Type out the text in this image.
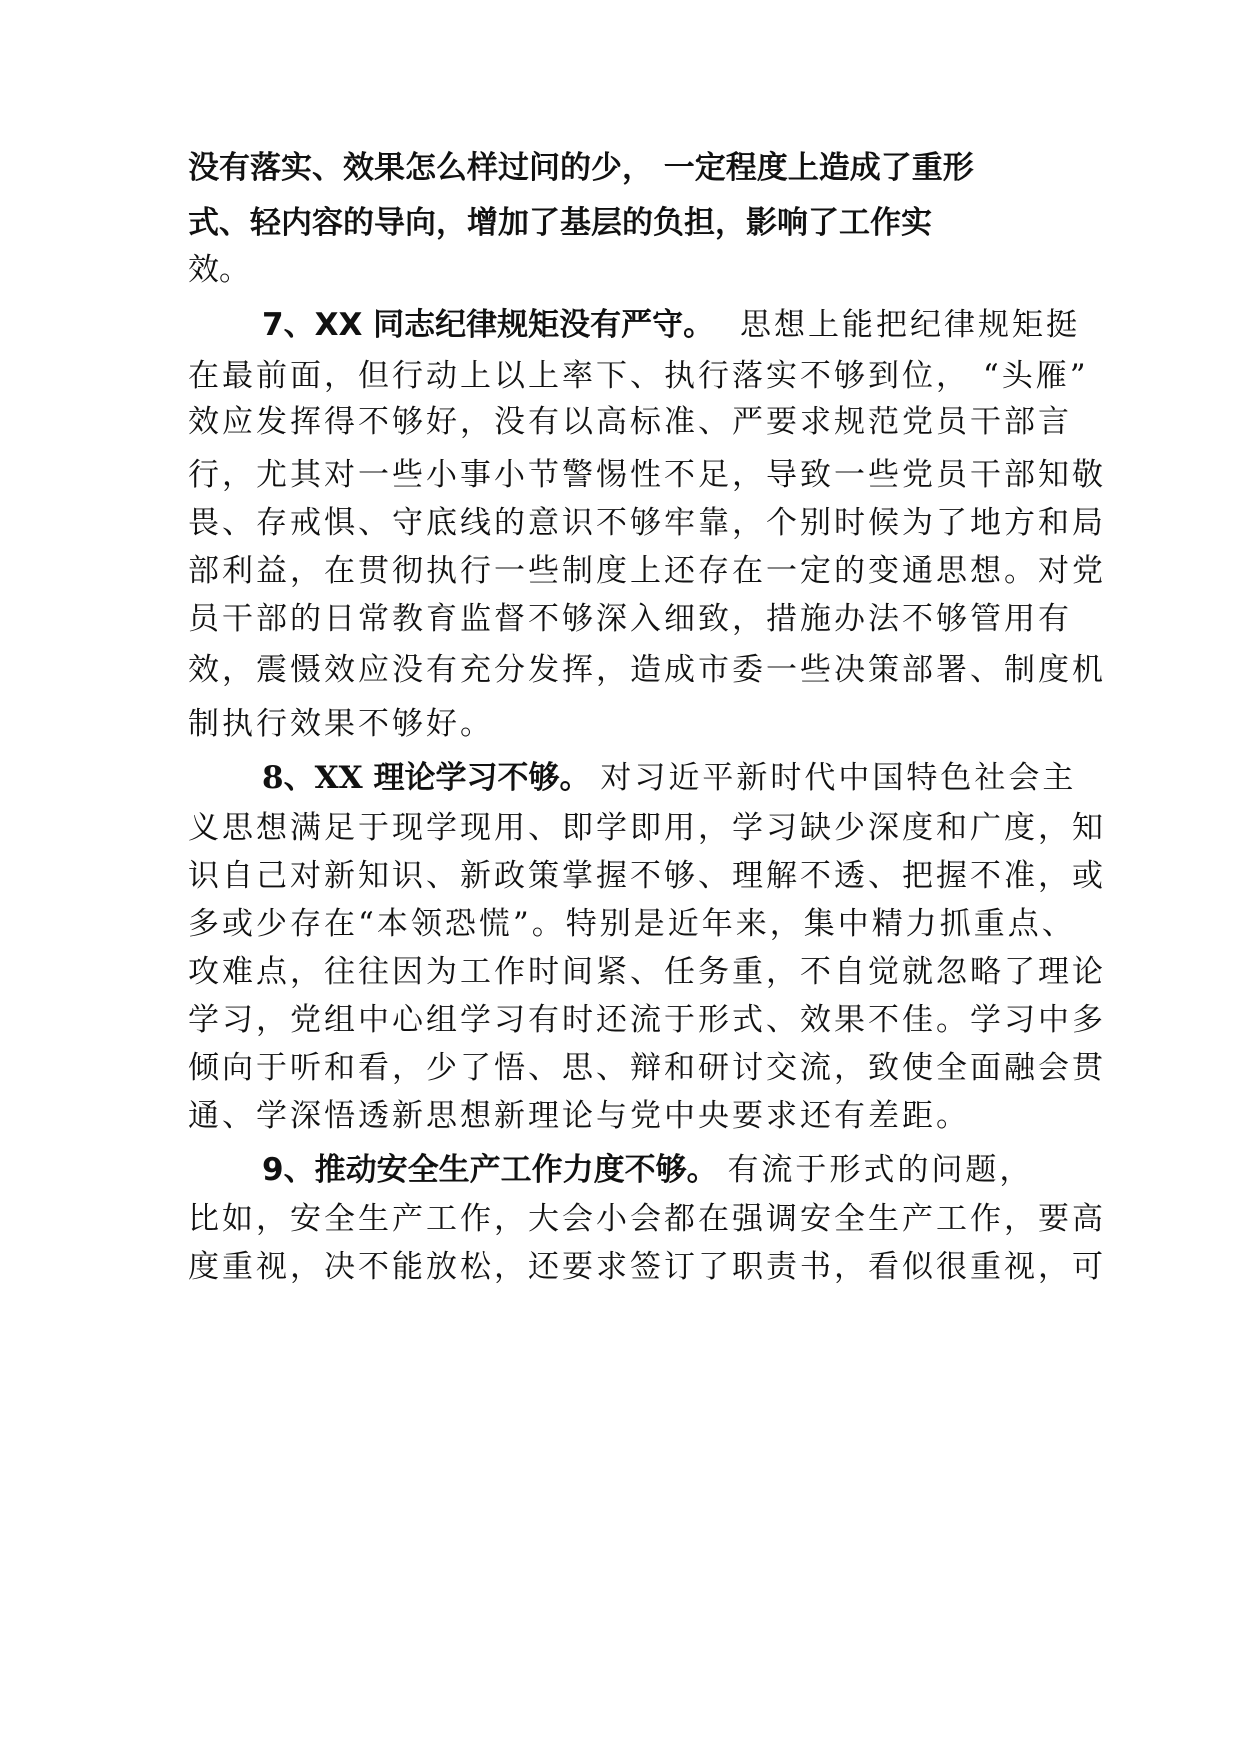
没有落实、效果怎么样过问的少， 一定程度上造成了重形
式、轻内容的导向，增加了基层的负担，影响了工作实
效。
7、XX 同志纪律规矩没有严守。 思想上能把纪律规矩挺
在最前面，但行动上以上率下、执行落实不够到位， “头雁”
效应发挥得不够好，没有以高标准、严要求规范党员干部言
行，尤其对一些小事小节警惕性不足，导致一些党员干部知敬
畏、存戒惧、守底线的意识不够牢靠，个别时候为了地方和局
部利益，在贯彻执行一些制度上还存在一定的变通思想。对党
员干部的日常教育监督不够深入细致，措施办法不够管用有
效，震慑效应没有充分发挥，造成市委一些决策部署、制度机
制执行效果不够好。
8、XX 理论学习不够。 对习近平新时代中国特色社会主
义思想满足于现学现用、即学即用，学习缺少深度和广度，知
识自己对新知识、新政策掌握不够、理解不透、把握不准，或
多或少存在“本领恐慌”。特别是近年来，集中精力抓重点、
攻难点，往往因为工作时间紧、任务重，不自觉就忽略了理论
学习，党组中心组学习有时还流于形式、效果不佳。学习中多
倾向于听和看，少了悟、思、辩和研讨交流，致使全面融会贯
通、学深悟透新思想新理论与党中央要求还有差距。
9、推动安全生产工作力度不够。 有流于形式的问题，
比如，安全生产工作，大会小会都在强调安全生产工作，要高
度重视，决不能放松，还要求签订了职责书，看似很重视，可
